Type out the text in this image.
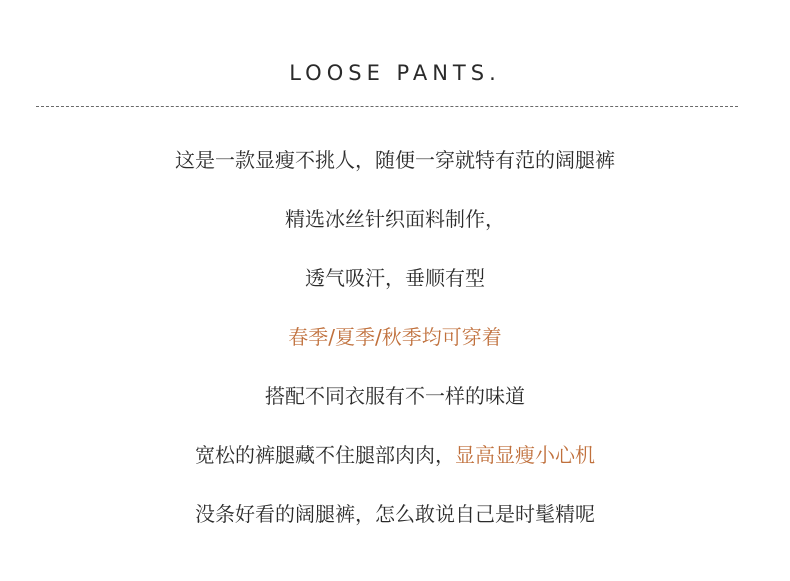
LOOSE PANTS.
这是一款显瘦不挑人，随便一穿就特有范的阔腿裤
精选冰丝针织面料制作，
透气吸汗，垂顺有型
春季/夏季/秋季均可穿着
搭配不同衣服有不一样的味道
宽松的裤腿藏不住腿部肉肉，显高显瘦小心机
没条好看的阔腿裤，怎么敢说自己是时髦精呢
